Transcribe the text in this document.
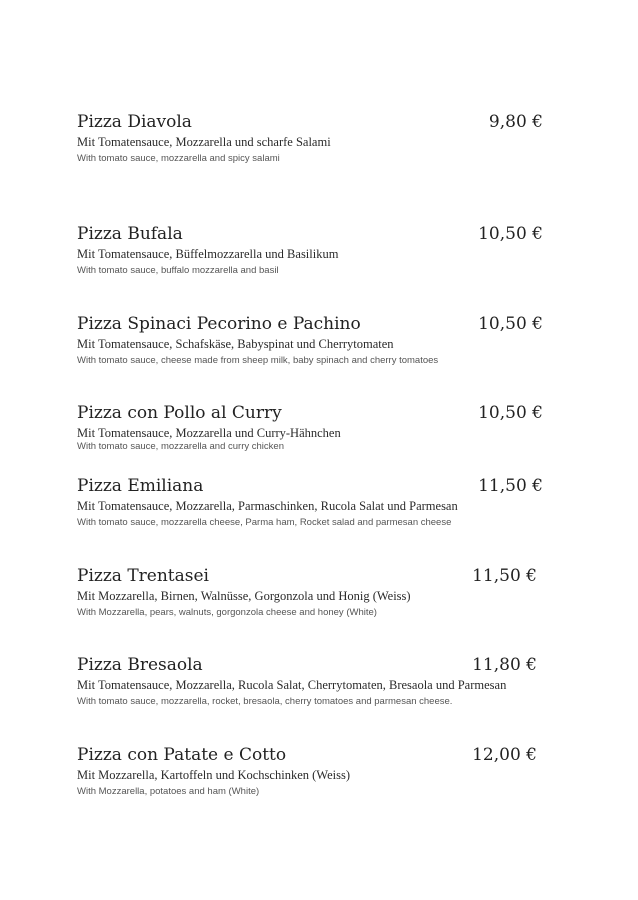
Pizza Diavola	9,80 €
Mit Tomatensauce, Mozzarella und scharfe Salami
With tomato sauce, mozzarella and spicy salami
Pizza Bufala	10,50 €
Mit Tomatensauce, Büffelmozzarella und Basilikum
With tomato sauce, buffalo mozzarella and basil
Pizza Spinaci Pecorino e Pachino	10,50 €
Mit Tomatensauce, Schafskäse, Babyspinat und Cherrytomaten
With tomato sauce, cheese made from sheep milk, baby spinach and cherry tomatoes
Pizza con Pollo al Curry	10,50 €
Mit Tomatensauce, Mozzarella und Curry-Hähnchen
With tomato sauce, mozzarella and curry chicken
Pizza Emiliana	11,50 €
Mit Tomatensauce, Mozzarella, Parmaschinken, Rucola Salat und Parmesan
With tomato sauce, mozzarella cheese, Parma ham, Rocket salad and parmesan cheese
Pizza Trentasei	11,50 €
Mit Mozzarella, Birnen, Walnüsse, Gorgonzola und Honig (Weiss)
With Mozzarella, pears, walnuts, gorgonzola cheese and honey (White)
Pizza Bresaola	11,80 €
Mit Tomatensauce, Mozzarella, Rucola Salat, Cherrytomaten, Bresaola und Parmesan
With tomato sauce, mozzarella, rocket, bresaola, cherry tomatoes and parmesan cheese.
Pizza con Patate e Cotto	12,00 €
Mit Mozzarella, Kartoffeln und Kochschinken (Weiss)
With Mozzarella, potatoes and ham (White)
